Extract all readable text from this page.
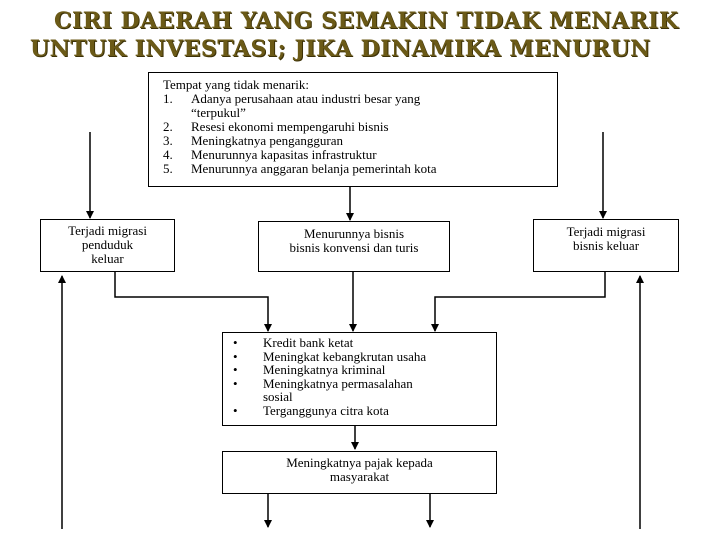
CIRI DAERAH YANG SEMAKIN TIDAK MENARIK
UNTUK INVESTASI; JIKA DINAMIKA MENURUN
Tempat yang tidak menarik:
1.	Adanya perusahaan atau industri besar yang
“terpukul”
2.	Resesi ekonomi mempengaruhi bisnis
3.	Meningkatnya pengangguran
4.	Menurunnya kapasitas infrastruktur
5.	Menurunnya anggaran belanja pemerintah kota
Terjadi migrasi
penduduk
keluar
Menurunnya bisnis
bisnis konvensi dan turis
Terjadi migrasi
bisnis keluar
•	Kredit bank ketat
•	Meningkat kebangkrutan usaha
•	Meningkatnya kriminal
•	Meningkatnya permasalahan
sosial
•	Terganggunya citra kota
Meningkatnya pajak kepada
masyarakat
